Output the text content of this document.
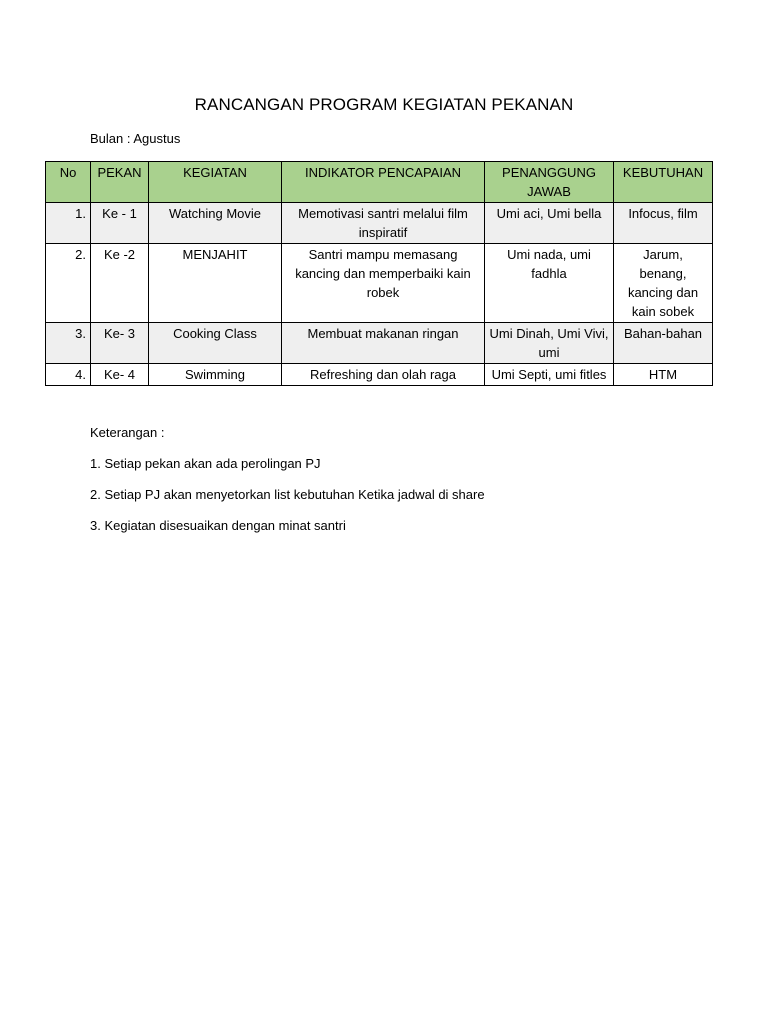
RANCANGAN PROGRAM KEGIATAN PEKANAN
Bulan : Agustus
No	PEKAN	KEGIATAN	INDIKATOR PENCAPAIAN	PENANGGUNG JAWAB	KEBUTUHAN
1.	Ke - 1	Watching Movie	Memotivasi santri melalui film inspiratif	Umi aci, Umi bella	Infocus, film
2.	Ke -2	MENJAHIT	Santri mampu memasang kancing dan memperbaiki kain robek	Umi nada, umi fadhla	Jarum, benang, kancing dan kain sobek
3.	Ke- 3	Cooking Class	Membuat makanan ringan	Umi Dinah, Umi Vivi, umi	Bahan-bahan
4.	Ke- 4	Swimming	Refreshing dan olah raga	Umi Septi, umi fitles	HTM
Keterangan :
1. Setiap pekan akan ada perolingan PJ
2. Setiap PJ akan menyetorkan list kebutuhan Ketika jadwal di share
3. Kegiatan disesuaikan dengan minat santri
